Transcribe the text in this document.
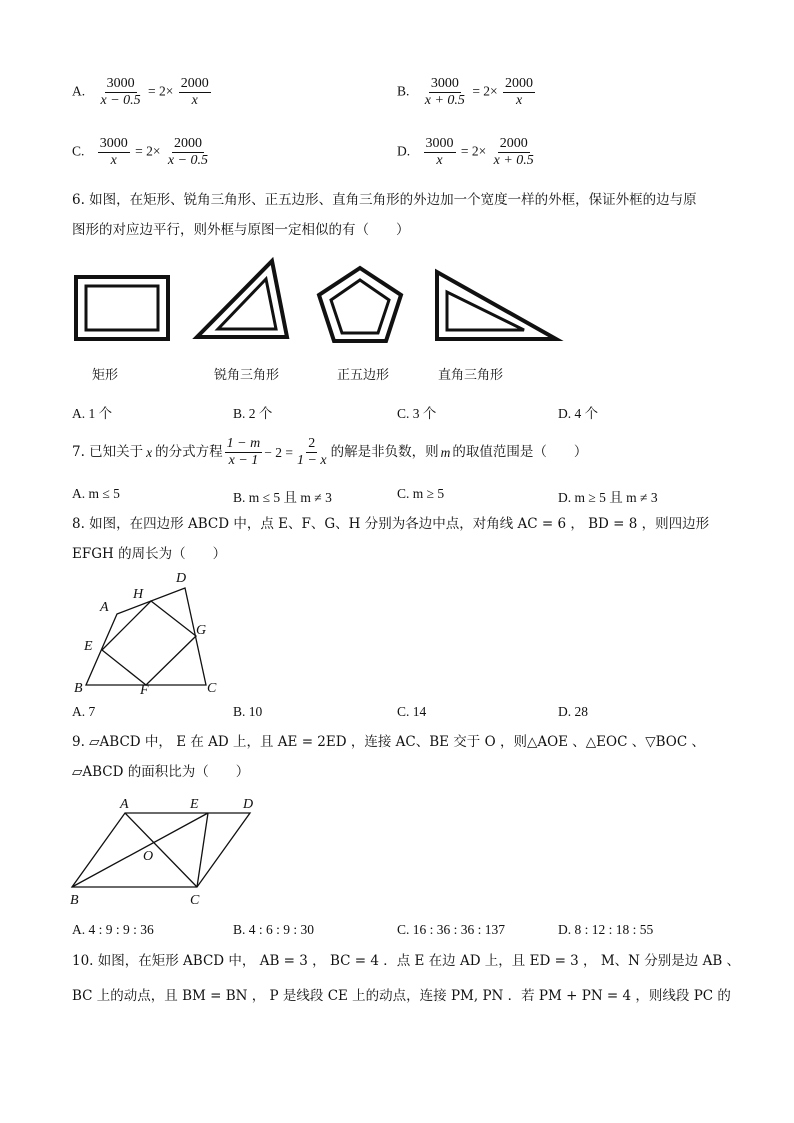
A. $\frac{3000}{x - 0.5} = 2\times \frac{2000}{x}$	B. $\frac{3000}{x + 0.5} = 2\times \frac{2000}{x}$
C. $\frac{3000}{x} = 2\times \frac{2000}{x - 0.5}$	D. $\frac{3000}{x} = 2\times \frac{2000}{x + 0.5}$
6. 如图，在矩形、锐角三角形、正五边形、直角三角形的外边加一个宽度一样的外框，保证外框的边与原
图形的对应边平行，则外框与原图一定相似的有（　　）
矩形	锐角三角形	正五边形	直角三角形
A. 1 个	B. 2 个	C. 3 个	D. 4 个
7. 已知关于 x 的分式方程 $\frac{1 - m}{x - 1} - 2 = \frac{2}{1 - x}$ 的解是非负数，则 m 的取值范围是（　　）
A. m ≤ 5	B. m ≤ 5 且 m ≠ 3	C. m ≥ 5	D. m ≥ 5 且 m ≠ 3
8. 如图，在四边形 ABCD 中，点 E、F、G、H 分别为各边中点，对角线 AC = 6 ， BD = 8 ，则四边形
EFGH 的周长为（　　）
A
H
D
E
G
B	F	C
A. 7	B. 10	C. 14	D. 28
9. ▱ABCD 中， E 在 AD 上，且 AE = 2ED ，连接 AC、BE 交于 O ，则△AOE 、△EOC 、▽BOC 、
▱ABCD 的面积比为（　　）
A	E	D
O
B	C
A. 4 : 9 : 9 : 36	B. 4 : 6 : 9 : 30	C. 16 : 36 : 36 : 137	D. 8 : 12 : 18 : 55
10. 如图，在矩形 ABCD 中， AB = 3 ， BC = 4 ．点 E 在边 AD 上，且 ED = 3 ， M、N 分别是边 AB 、
BC 上的动点，且 BM = BN ， P 是线段 CE 上的动点，连接 PM, PN ．若 PM + PN = 4 ，则线段 PC 的
